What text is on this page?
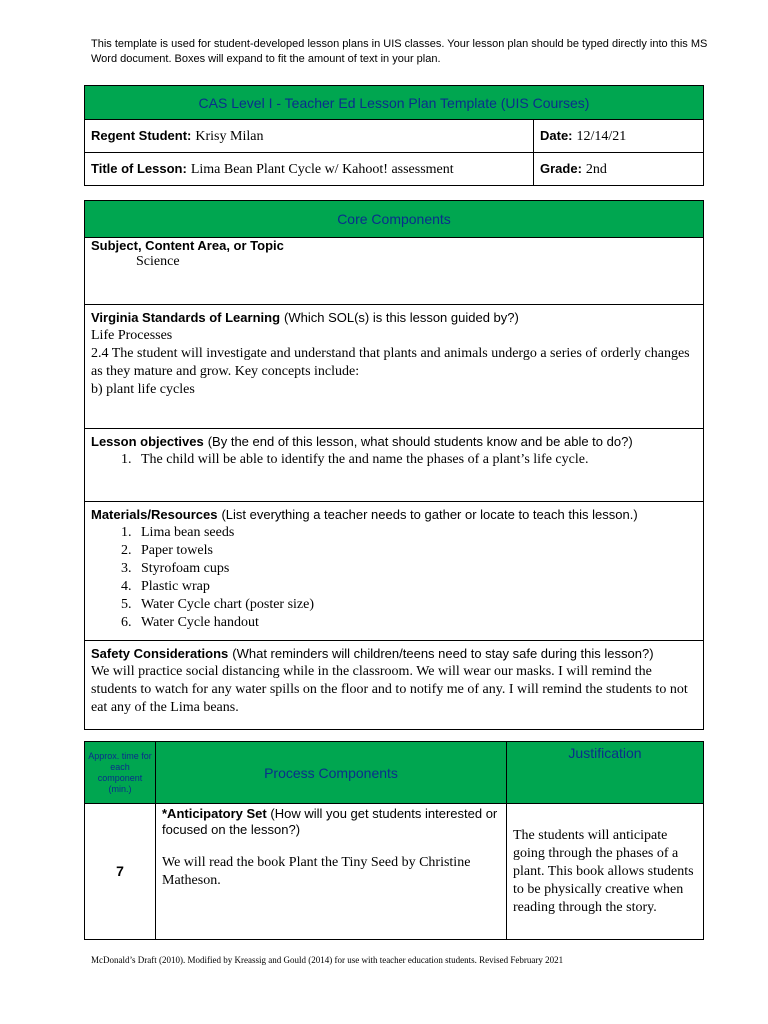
This template is used for student-developed lesson plans in UIS classes. Your lesson plan should be typed directly into this MS Word document. Boxes will expand to fit the amount of text in your plan.
CAS Level I - Teacher Ed Lesson Plan Template (UIS Courses)	

Regent Student: Krisy Milan	Date: 12/14/21

Title of Lesson: Lima Bean Plant Cycle w/ Kahoot! assessment	Grade: 2nd
Core Components

Subject, Content Area, or Topic
Science

Virginia Standards of Learning (Which SOL(s) is this lesson guided by?)
Life Processes
2.4 The student will investigate and understand that plants and animals undergo a series of orderly changes as they mature and grow. Key concepts include:
b) plant life cycles

Lesson objectives (By the end of this lesson, what should students know and be able to do?)
1. The child will be able to identify the and name the phases of a plant’s life cycle.

Materials/Resources (List everything a teacher needs to gather or locate to teach this lesson.)
1. Lima bean seeds
2. Paper towels
3. Styrofoam cups
4. Plastic wrap
5. Water Cycle chart (poster size)
6. Water Cycle handout

Safety Considerations (What reminders will children/teens need to stay safe during this lesson?)
We will practice social distancing while in the classroom. We will wear our masks. I will remind the students to watch for any water spills on the floor and to notify me of any. I will remind the students to not eat any of the Lima beans.
Approx. time for each component (min.)	Process Components	Justification
7	*Anticipatory Set (How will you get students interested or focused on the lesson?)
We will read the book Plant the Tiny Seed by Christine Matheson.	The students will anticipate going through the phases of a plant. This book allows students to be physically creative when reading through the story.
McDonald’s Draft (2010). Modified by Kreassig and Gould (2014) for use with teacher education students. Revised February 2021
